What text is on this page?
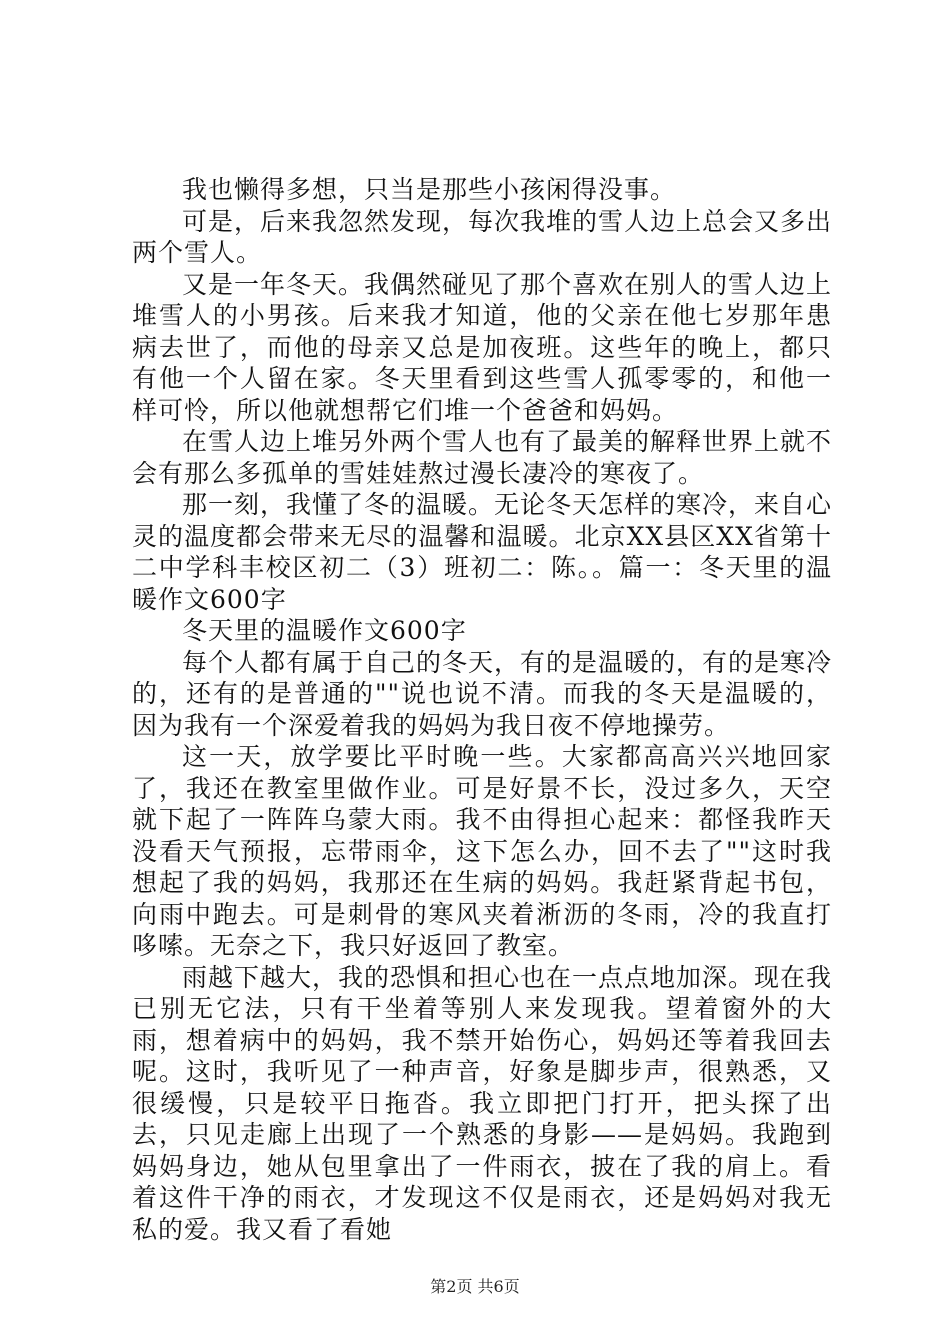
我也懒得多想，只当是那些小孩闲得没事。

可是，后来我忽然发现，每次我堆的雪人边上总会又多出两个雪人。

又是一年冬天。我偶然碰见了那个喜欢在别人的雪人边上堆雪人的小男孩。后来我才知道，他的父亲在他七岁那年患病去世了，而他的母亲又总是加夜班。这些年的晚上，都只有他一个人留在家。冬天里看到这些雪人孤零零的，和他一样可怜，所以他就想帮它们堆一个爸爸和妈妈。

在雪人边上堆另外两个雪人也有了最美的解释世界上就不会有那么多孤单的雪娃娃熬过漫长凄冷的寒夜了。

那一刻，我懂了冬的温暖。无论冬天怎样的寒冷，来自心灵的温度都会带来无尽的温馨和温暖。北京XX县区XX省第十二中学科丰校区初二（3）班初二：陈。。篇一：冬天里的温暖作文600字

冬天里的温暖作文600字

每个人都有属于自己的冬天，有的是温暖的，有的是寒冷的，还有的是普通的""说也说不清。而我的冬天是温暖的，因为我有一个深爱着我的妈妈为我日夜不停地操劳。

这一天，放学要比平时晚一些。大家都高高兴兴地回家了，我还在教室里做作业。可是好景不长，没过多久，天空就下起了一阵阵乌蒙大雨。我不由得担心起来：都怪我昨天没看天气预报，忘带雨伞，这下怎么办，回不去了""这时我想起了我的妈妈，我那还在生病的妈妈。我赶紧背起书包，向雨中跑去。可是刺骨的寒风夹着淅沥的冬雨，冷的我直打哆嗦。无奈之下，我只好返回了教室。

雨越下越大，我的恐惧和担心也在一点点地加深。现在我已别无它法，只有干坐着等别人来发现我。望着窗外的大雨，想着病中的妈妈，我不禁开始伤心，妈妈还等着我回去呢。这时，我听见了一种声音，好象是脚步声，很熟悉，又很缓慢，只是较平日拖沓。我立即把门打开，把头探了出去，只见走廊上出现了一个熟悉的身影——是妈妈。我跑到妈妈身边，她从包里拿出了一件雨衣，披在了我的肩上。看着这件干净的雨衣，才发现这不仅是雨衣，还是妈妈对我无私的爱。我又看了看她

第2页 共6页
